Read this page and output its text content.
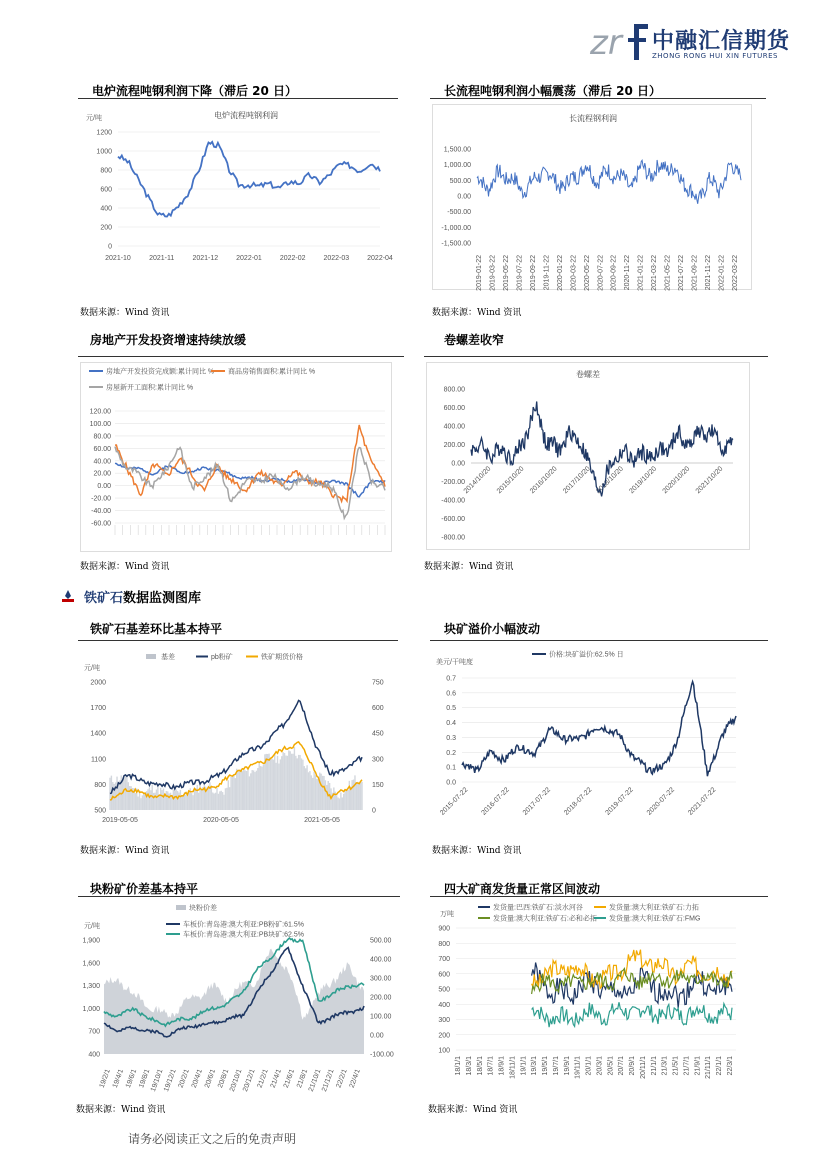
zr 中融汇信期货
ZHONG RONG HUI XIN FUTURES
电炉流程吨钢利润下降（滞后 20 日）
元/吨	电炉流程吨钢利润
0
200
400
600
800
1000
1200
2021-10	2021-11	2021-12	2022-01	2022-02	2022-03	2022-04
数据来源：Wind 资讯
长流程吨钢利润小幅震荡（滞后 20 日）
长流程钢利润
-1,500.00
-1,000.00
-500.00
0.00
500.00
1,000.00
1,500.00
2019-01-22 2019-03-22 2019-05-22 2019-07-22 2019-09-22 2019-11-22 2020-01-22 2020-03-22 2020-05-22 2020-07-22 2020-09-22 2020-11-22 2021-01-22 2021-03-22 2021-05-22 2021-07-22 2021-09-22 2021-11-22 2022-01-22 2022-03-22
数据来源：Wind 资讯
房地产开发投资增速持续放缓
房地产开发投资完成额:累计同比 % 商品房销售面积:累计同比 %
房屋新开工面积:累计同比 %
-60.00
-40.00
-20.00
0.00
20.00
40.00
60.00
80.00
100.00
120.00
数据来源：Wind 资讯
卷螺差收窄
卷螺差
-800.00
-600.00
-400.00
-200.00
0.00
200.00
400.00
600.00
800.00
2014/10/20 2015/10/20 2016/10/20 2017/10/20 2018/10/20 2019/10/20 2020/10/20 2021/10/20
数据来源：Wind 资讯
铁矿石数据监测图库
铁矿石基差环比基本持平
基差	pb粉矿	铁矿期货价格
元/吨
500
800
1100
1400
1700
2000
0
150
300
450
600
750
2019-05-05	2020-05-05	2021-05-05
数据来源：Wind 资讯
块矿溢价小幅波动
价格:块矿溢价:62.5% 日
美元/干吨度
0.0
0.1
0.2
0.3
0.4
0.5
0.6
0.7
2015-07-22 2016-07-22 2017-07-22 2018-07-22 2019-07-22 2020-07-22 2021-07-22
数据来源：Wind 资讯
块粉矿价差基本持平
块粉价差
车板价:青岛港:澳大利亚:PB粉矿:61.5%
车板价:青岛港:澳大利亚:PB块矿:62.5%
元/吨
400
700
1,000
1,300
1,600
1,900
-100.00
0.00
100.00
200.00
300.00
400.00
500.00
19/2/1 19/4/1 19/6/1 19/8/1
19/10/1
19/12/1 20/2/1 20/4/1 20/6/1 20/8/1
20/10/1
20/12/1 21/2/1 21/4/1 21/6/1 21/8/1
21/10/1
21/12/1 22/2/1 22/4/1
数据来源：Wind 资讯
四大矿商发货量正常区间波动
发货量:巴西:铁矿石:淡水河谷	发货量:澳大利亚:铁矿石:力拓
发货量:澳大利亚:铁矿石:必和必拓 发货量:澳大利亚:铁矿石:FMG
万吨
100
200
300
400
500
600
700
800
900
18/1/1 18/3/1 18/5/1 18/7/1 18/9/1 18/11/1 19/1/1 19/3/1 19/5/1 19/7/1 19/9/1 19/11/1 20/1/1 20/3/1 20/5/1 20/7/1 20/9/1 20/11/1 21/1/1 21/3/1 21/5/1 21/7/1 21/9/1 21/11/1 22/1/1 22/3/1
数据来源：Wind 资讯
请务必阅读正文之后的免责声明
